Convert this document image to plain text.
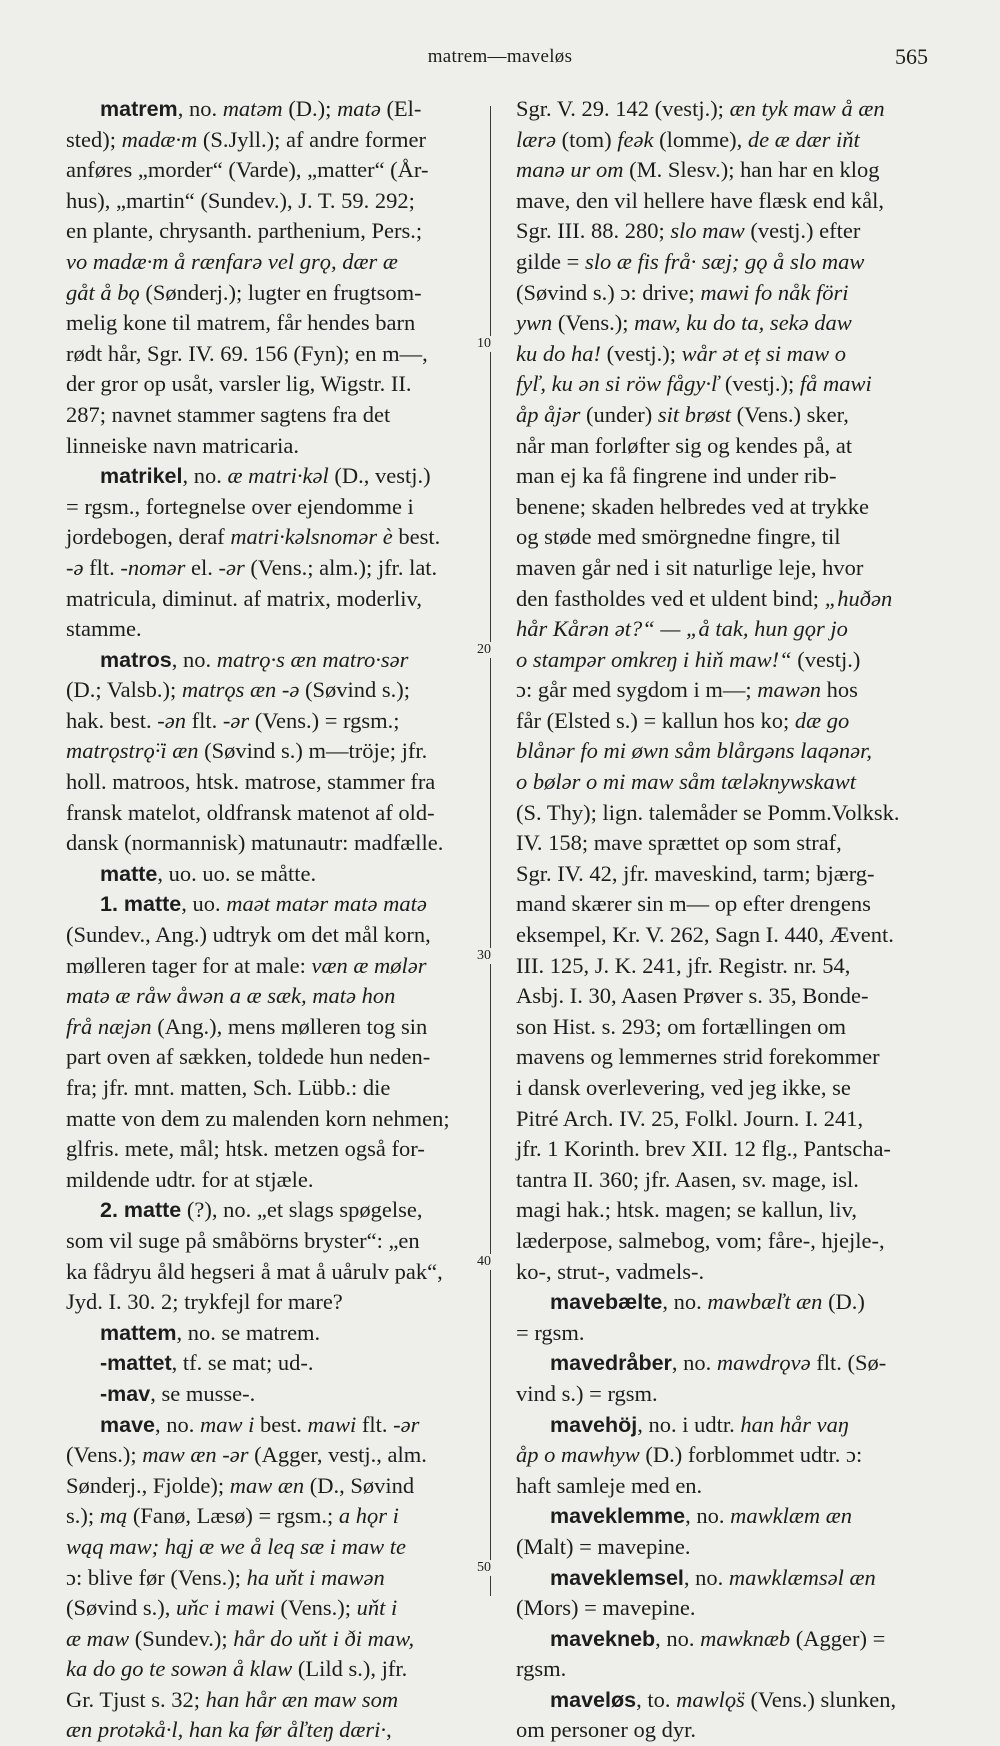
matrem—maveløs	565
matrem, no. matəm (D.); matə (El-
sted); madæ·m (S.Jyll.); af andre former
anføres „morder“ (Varde), „matter“ (År-
hus), „martin“ (Sundev.), J. T. 59. 292;
en plante, chrysanth. parthenium, Pers.;
vo madæ·m å rænfarə vel grǫ, dær æ
gåt å bǫ (Sønderj.); lugter en frugtsom-
melig kone til matrem, får hendes barn
rødt hår, Sgr. IV. 69. 156 (Fyn); en m—,
der gror op usåt, varsler lig, Wigstr. II.
287; navnet stammer sagtens fra det
linneiske navn matricaria.
matrikel, no. æ matri·kəl (D., vestj.)
= rgsm., fortegnelse over ejendomme i
jordebogen, deraf matri·kəlsnomər è best.
-ə flt. -nomər el. -ər (Vens.; alm.); jfr. lat.
matricula, diminut. af matrix, moderliv,
stamme.
matros, no. matrǫ·s æn matro·sər
(D.; Valsb.); matrǫs æn -ə (Søvind s.);
hak. best. -ən flt. -ər (Vens.) = rgsm.;
matrǫstrǫ̈·i æn (Søvind s.) m—tröje; jfr.
holl. matroos, htsk. matrose, stammer fra
fransk matelot, oldfransk matenot af old-
dansk (normannisk) matunautr: madfælle.
matte, uo. uo. se måtte.
1. matte, uo. maət matər matə matə
(Sundev., Ang.) udtryk om det mål korn,
mølleren tager for at male: væn æ mølər
matə æ råw åwən a æ sæk, matə hon
frå næjən (Ang.), mens mølleren tog sin
part oven af sækken, toldede hun neden-
fra; jfr. mnt. matten, Sch. Lübb.: die
matte von dem zu malenden korn nehmen;
glfris. mete, mål; htsk. metzen også for-
mildende udtr. for at stjæle.
2. matte (?), no. „et slags spøgelse,
som vil suge på småbörns bryster“: „en
ka fådryu åld hegseri å mat å uårulv pak“,
Jyd. I. 30. 2; trykfejl for mare?
mattem, no. se matrem.
-mattet, tf. se mat; ud-.
-mav, se musse-.
mave, no. maw i best. mawi flt. -ər
(Vens.); maw æn -ər (Agger, vestj., alm.
Sønderj., Fjolde); maw æn (D., Søvind
s.); mą (Fanø, Læsø) = rgsm.; a hǫr i
wąq maw; hąj æ we å leq sæ i maw te
ɔ: blive før (Vens.); ha uňt i mawən
(Søvind s.), uňc i mawi (Vens.); uňt i
æ maw (Sundev.); hår do uňt i ði maw,
ka do go te sowən å klaw (Lild s.), jfr.
Gr. Tjust s. 32; han hår æn maw som
æn protəkå·l, han ka før åľteŋ dæri·,
Sgr. V. 29. 142 (vestj.); æn tyk maw å æn
lærə (tom) feək (lomme), de æ dær iňt
manə ur om (M. Slesv.); han har en klog
mave, den vil hellere have flæsk end kål,
Sgr. III. 88. 280; slo maw (vestj.) efter
gilde = slo æ fis frå· sæj; gǫ å slo maw
(Søvind s.) ɔ: drive; mawi fo nåk föri
ywn (Vens.); maw, ku do ta, sekə daw
ku do ha! (vestj.); wår ət eț si maw o
fyľ, ku ən si röw fågy·ľ (vestj.); få mawi
åp åjər (under) sit brøst (Vens.) sker,
når man forløfter sig og kendes på, at
man ej ka få fingrene ind under rib-
benene; skaden helbredes ved at trykke
og støde med smörgnedne fingre, til
maven går ned i sit naturlige leje, hvor
den fastholdes ved et uldent bind; „huðən
hår Kårən ət?“ — „å tak, hun gǫr jo
o stampər omkreŋ i hiň maw!“ (vestj.)
ɔ: går med sygdom i m—; mawən hos
får (Elsted s.) = kallun hos ko; dæ go
blånər fo mi øwn såm blårgəns laqənər,
o bølər o mi maw såm tæləknywskawt
(S. Thy); lign. talemåder se Pomm.Volksk.
IV. 158; mave sprættet op som straf,
Sgr. IV. 42, jfr. maveskind, tarm; bjærg-
mand skærer sin m— op efter drengens
eksempel, Kr. V. 262, Sagn I. 440, Ævent.
III. 125, J. K. 241, jfr. Registr. nr. 54,
Asbj. I. 30, Aasen Prøver s. 35, Bonde-
son Hist. s. 293; om fortællingen om
mavens og lemmernes strid forekommer
i dansk overlevering, ved jeg ikke, se
Pitré Arch. IV. 25, Folkl. Journ. I. 241,
jfr. 1 Korinth. brev XII. 12 flg., Pantscha-
tantra II. 360; jfr. Aasen, sv. mage, isl.
magi hak.; htsk. magen; se kallun, liv,
læderpose, salmebog, vom; fåre-, hjejle-,
ko-, strut-, vadmels-.
mavebælte, no. mawbæľt æn (D.)
= rgsm.
mavedråber, no. mawdrǫvə flt. (Sø-
vind s.) = rgsm.
mavehöj, no. i udtr. han hår vaŋ
åp o mawhyw (D.) forblommet udtr. ɔ:
haft samleje med en.
maveklemme, no. mawklæm æn
(Malt) = mavepine.
maveklemsel, no. mawklæmsəl æn
(Mors) = mavepine.
mavekneb, no. mawknæb (Agger) =
rgsm.
maveløs, to. mawlǫ̈s (Vens.) slunken,
om personer og dyr.
10
20
30
40
50
